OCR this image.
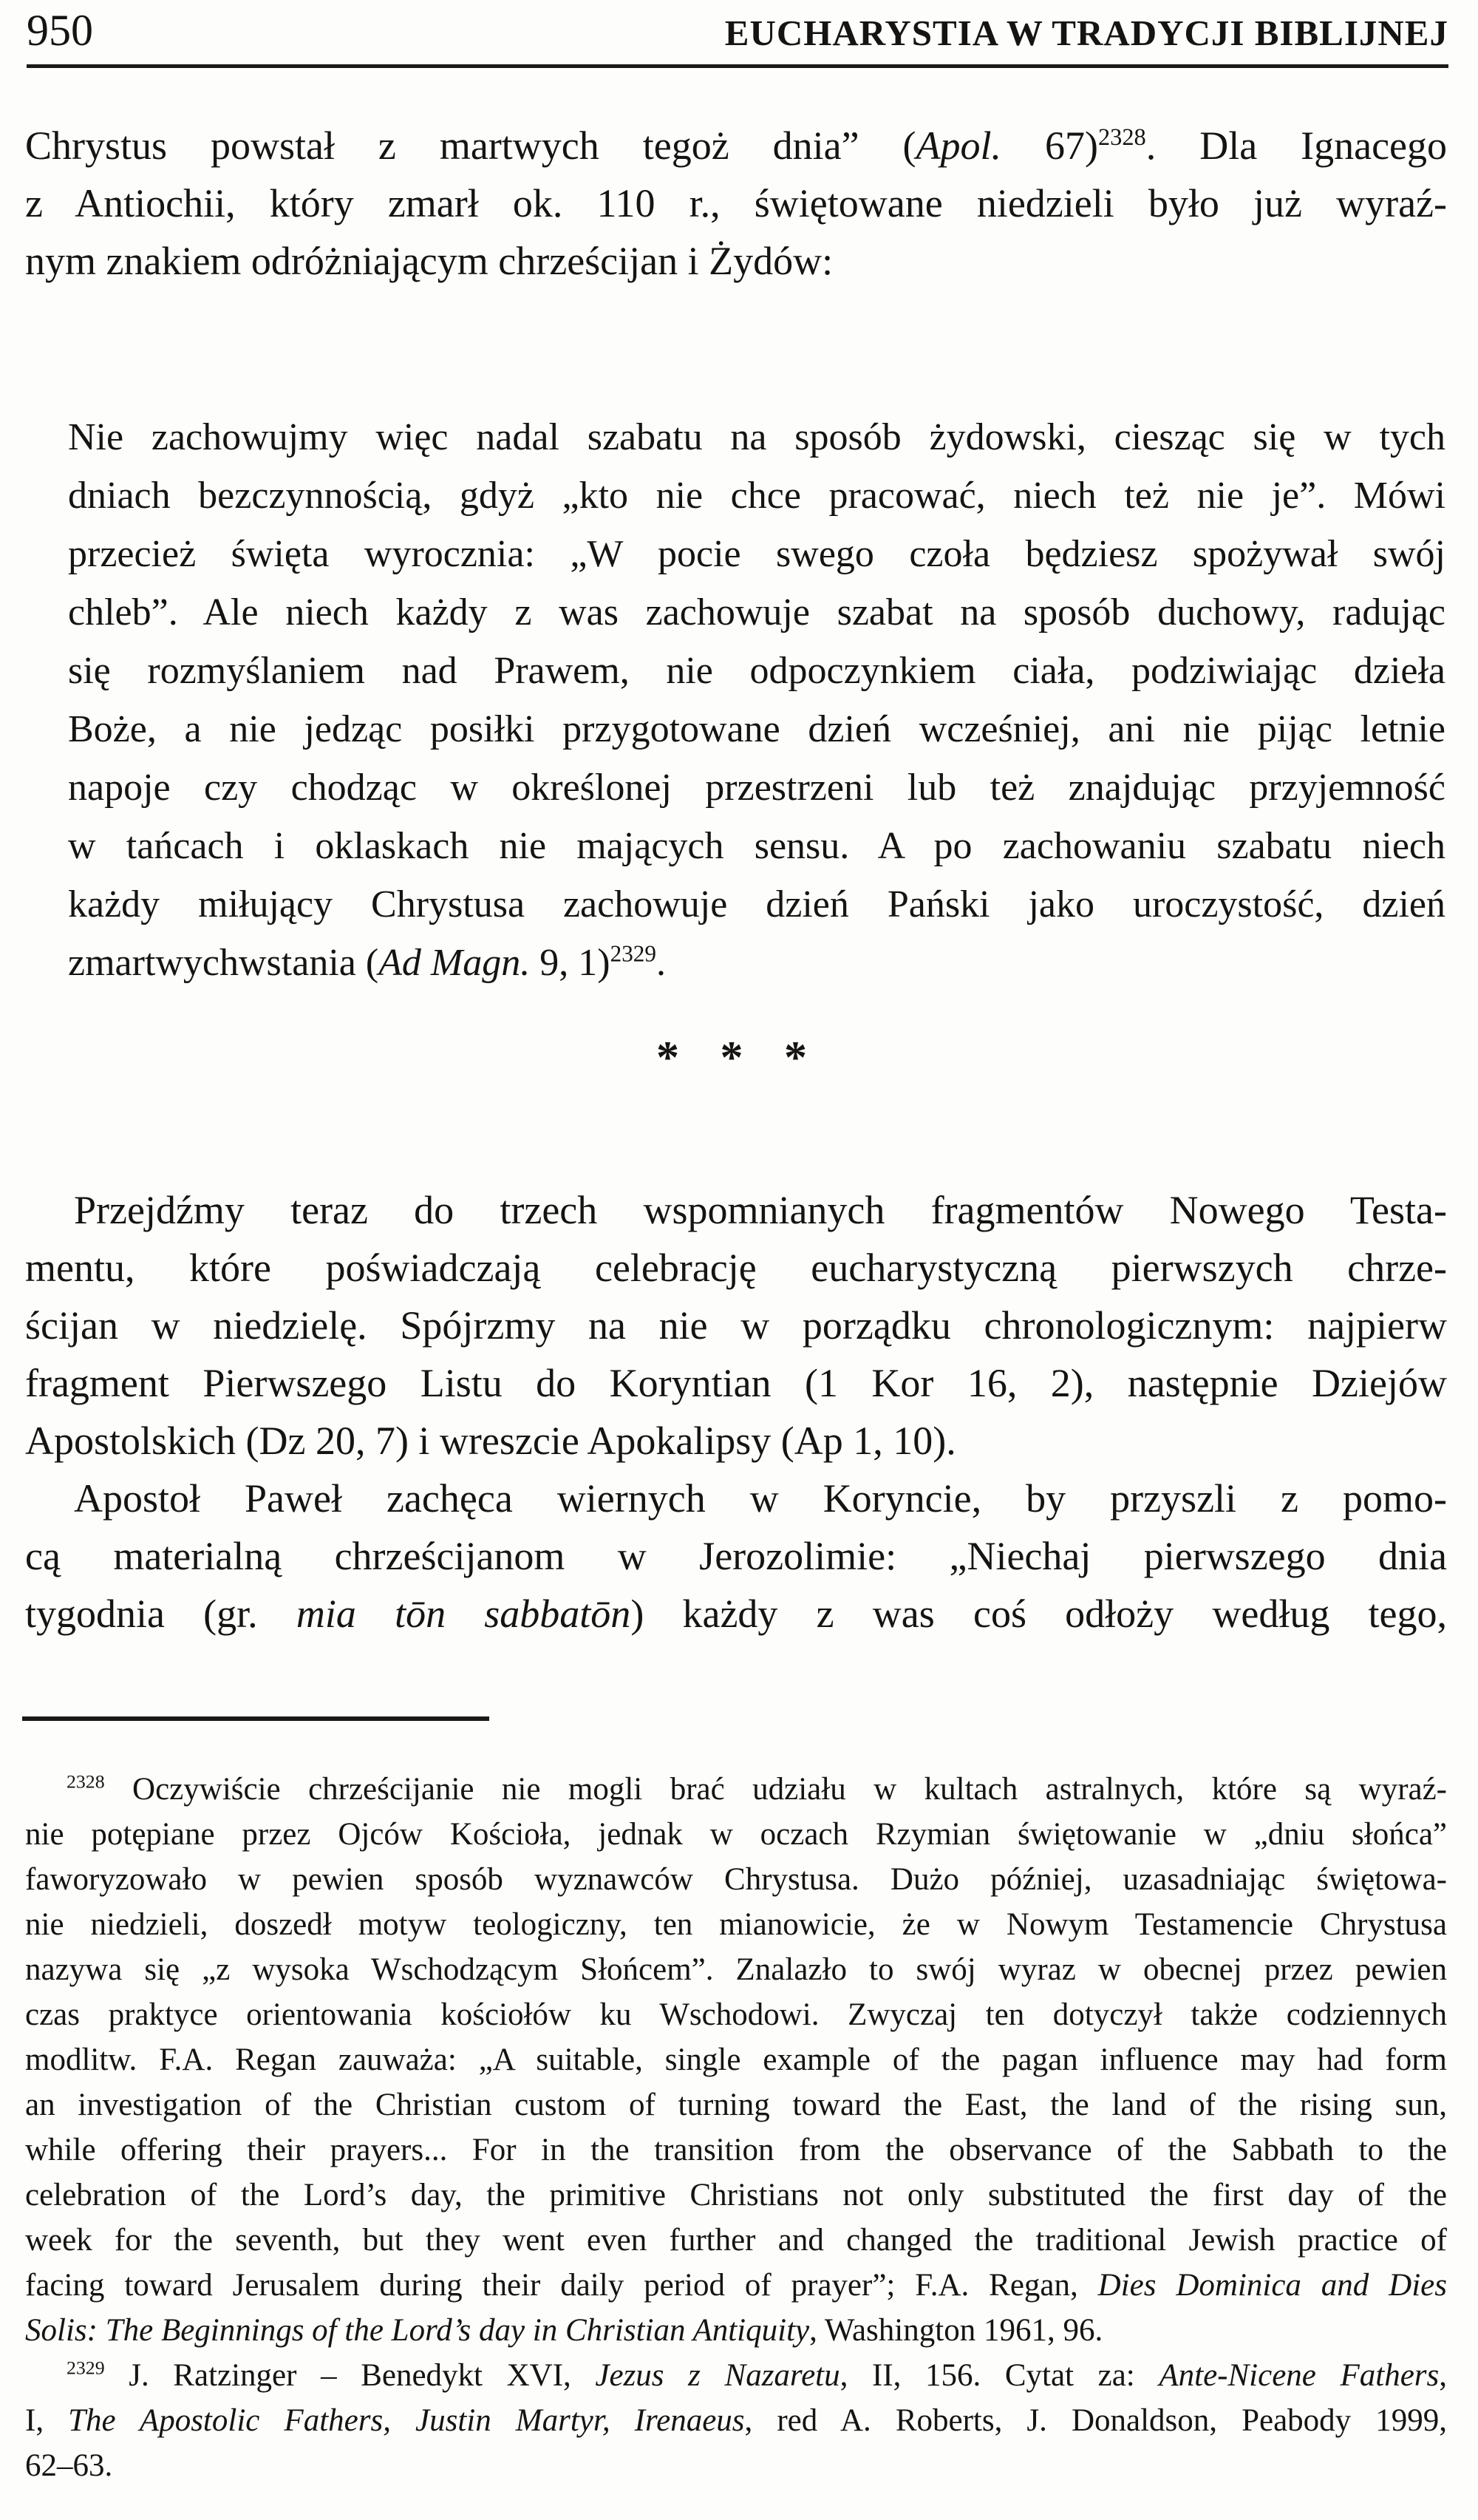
950	EUCHARYSTIA W TRADYCJI BIBLIJNEJ
Chrystus powstał z martwych tegoż dnia” (Apol. 67)$^{2328}$. Dla Ignacego
z Antiochii, który zmarł ok. 110 r., świętowane niedzieli było już wyraź-
nym znakiem odróżniającym chrześcijan i Żydów:
Nie zachowujmy więc nadal szabatu na sposób żydowski, ciesząc się w tych
dniach bezczynnością, gdyż „kto nie chce pracować, niech też nie je”. Mówi
przecież święta wyrocznia: „W pocie swego czoła będziesz spożywał swój
chleb”. Ale niech każdy z was zachowuje szabat na sposób duchowy, radując
się rozmyślaniem nad Prawem, nie odpoczynkiem ciała, podziwiając dzieła
Boże, a nie jedząc posiłki przygotowane dzień wcześniej, ani nie pijąc letnie
napoje czy chodząc w określonej przestrzeni lub też znajdując przyjemność
w tańcach i oklaskach nie mających sensu. A po zachowaniu szabatu niech
każdy miłujący Chrystusa zachowuje dzień Pański jako uroczystość, dzień
zmartwychwstania (Ad Magn. 9, 1)$^{2329}$.
* * *
Przejdźmy teraz do trzech wspomnianych fragmentów Nowego Testa-
mentu, które poświadczają celebrację eucharystyczną pierwszych chrze-
ścijan w niedzielę. Spójrzmy na nie w porządku chronologicznym: najpierw
fragment Pierwszego Listu do Koryntian (1 Kor 16, 2), następnie Dziejów
Apostolskich (Dz 20, 7) i wreszcie Apokalipsy (Ap 1, 10).
Apostoł Paweł zachęca wiernych w Koryncie, by przyszli z pomo-
cą materialną chrześcijanom w Jerozolimie: „Niechaj pierwszego dnia
tygodnia (gr. mia tōn sabbatōn) każdy z was coś odłoży według tego,
$^{2328}$ Oczywiście chrześcijanie nie mogli brać udziału w kultach astralnych, które są wyraź-
nie potępiane przez Ojców Kościoła, jednak w oczach Rzymian świętowanie w „dniu słońca”
faworyzowało w pewien sposób wyznawców Chrystusa. Dużo później, uzasadniając świętowa-
nie niedzieli, doszedł motyw teologiczny, ten mianowicie, że w Nowym Testamencie Chrystusa
nazywa się „z wysoka Wschodzącym Słońcem”. Znalazło to swój wyraz w obecnej przez pewien
czas praktyce orientowania kościołów ku Wschodowi. Zwyczaj ten dotyczył także codziennych
modlitw. F.A. Regan zauważa: „A suitable, single example of the pagan influence may had form
an investigation of the Christian custom of turning toward the East, the land of the rising sun,
while offering their prayers... For in the transition from the observance of the Sabbath to the
celebration of the Lord’s day, the primitive Christians not only substituted the first day of the
week for the seventh, but they went even further and changed the traditional Jewish practice of
facing toward Jerusalem during their daily period of prayer”; F.A. Regan, Dies Dominica and Dies
Solis: The Beginnings of the Lord’s day in Christian Antiquity, Washington 1961, 96.
$^{2329}$ J. Ratzinger – Benedykt XVI, Jezus z Nazaretu, II, 156. Cytat za: Ante-Nicene Fathers,
I, The Apostolic Fathers, Justin Martyr, Irenaeus, red A. Roberts, J. Donaldson, Peabody 1999,
62–63.
